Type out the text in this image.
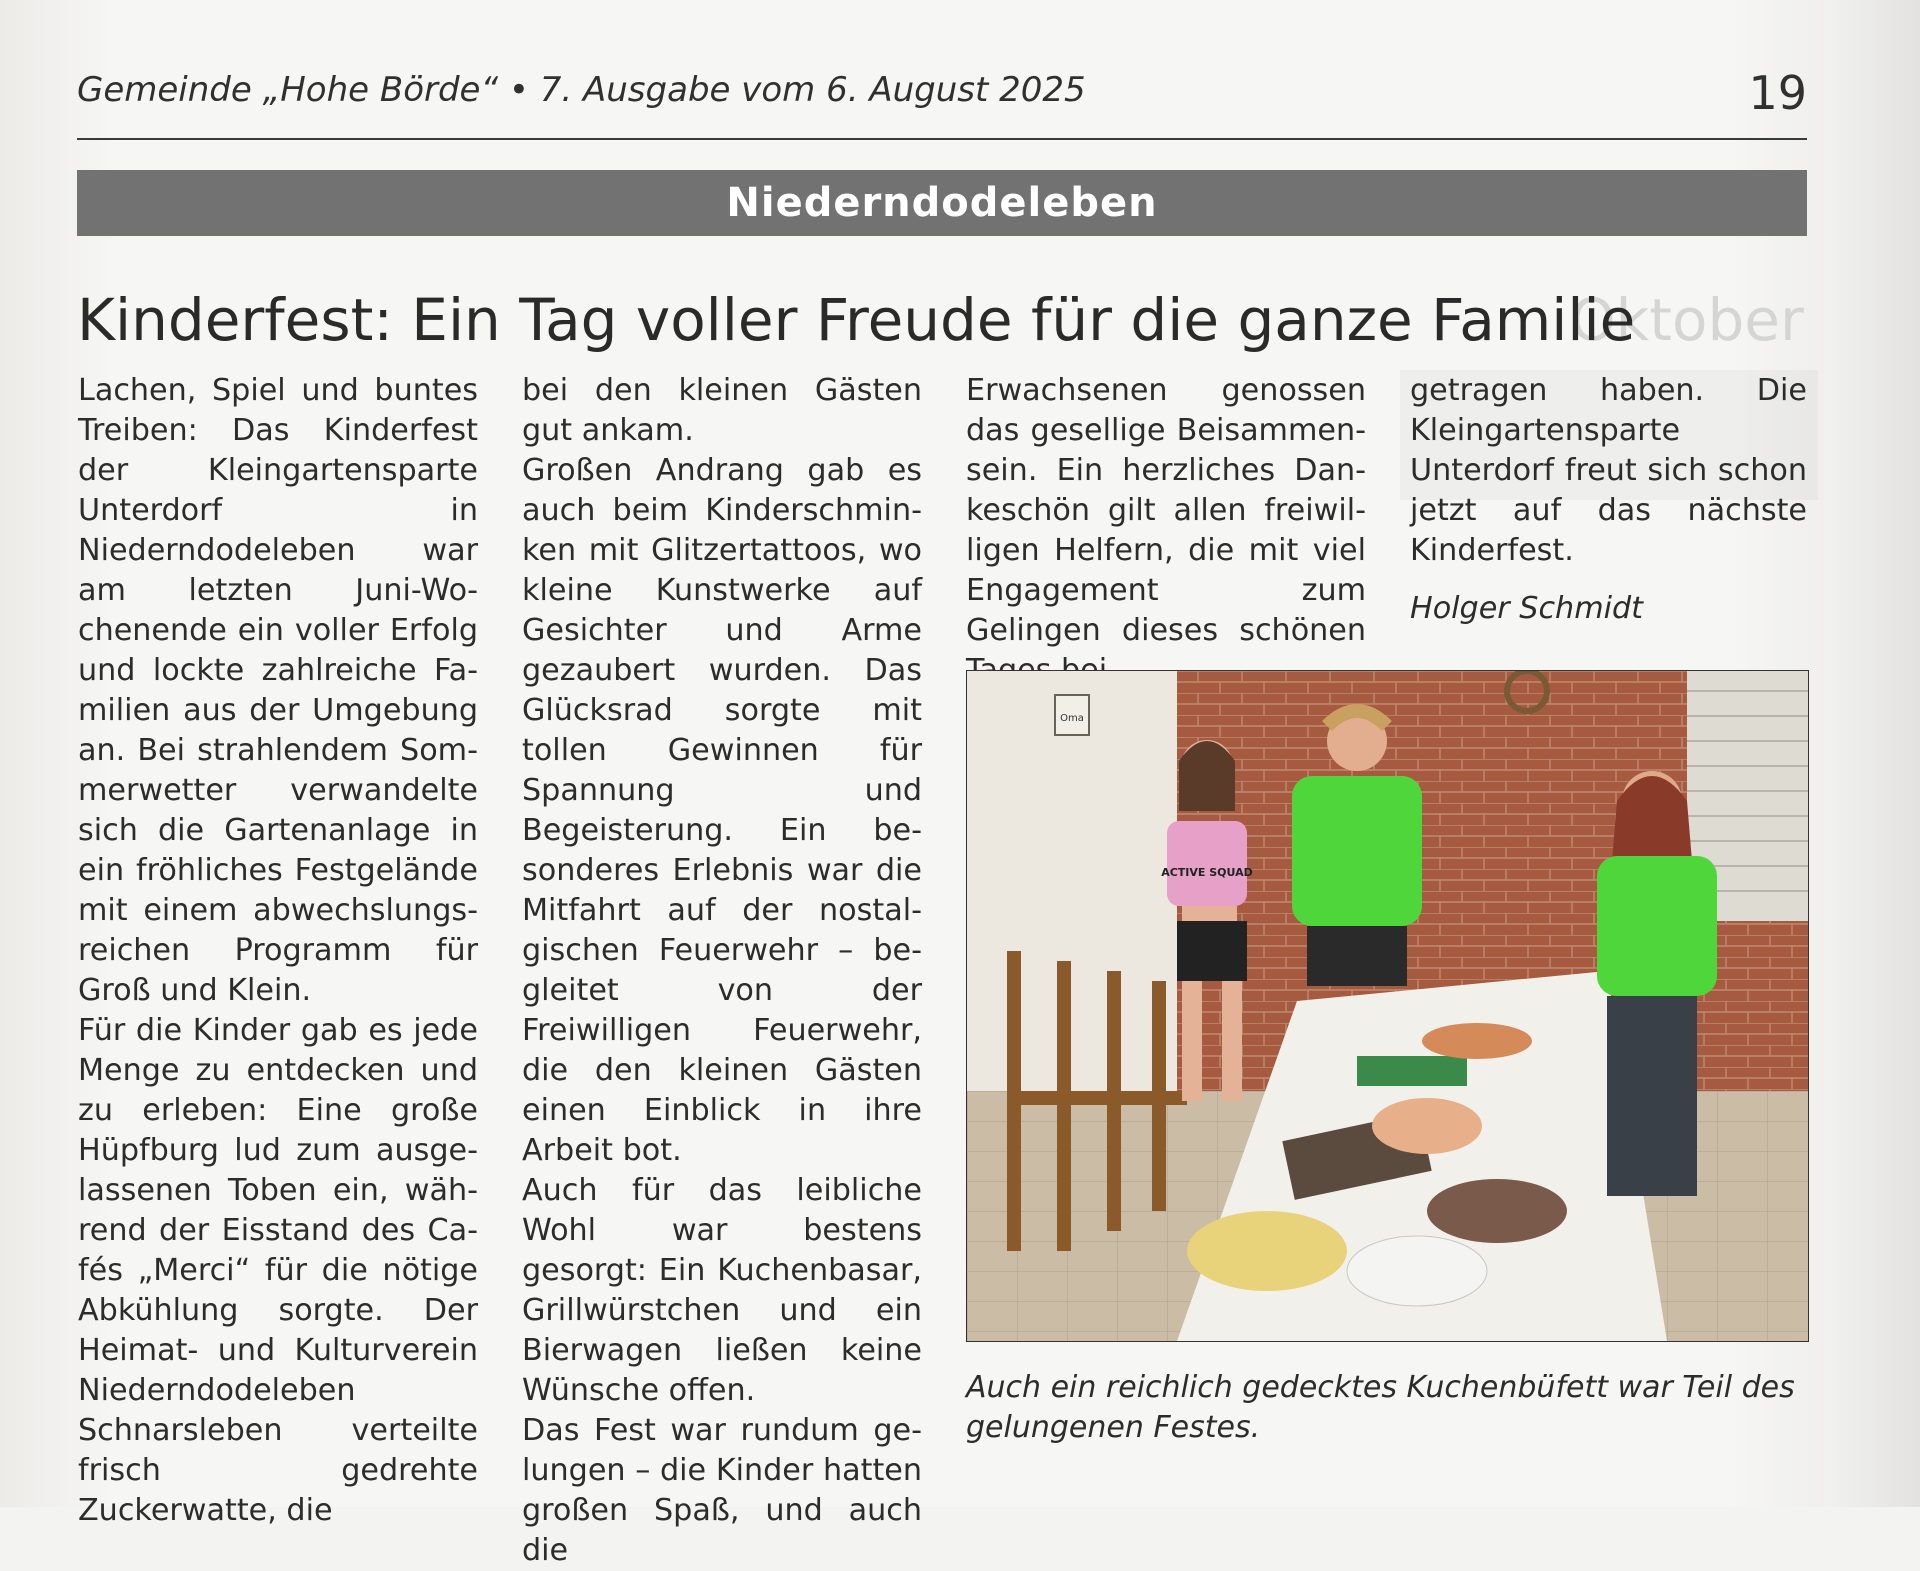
Oktober
Gemeinde „Hohe Börde“ • 7. Ausgabe vom 6. August 2025	19
Niederndodeleben
Kinderfest: Ein Tag voller Freude für die ganze Familie

Lachen, Spiel und buntes Treiben: Das Kinderfest der Kleingartensparte Unterdorf in Niederndodeleben war am letzten Juni-Wochenende ein voller Erfolg und lockte zahlreiche Familien aus der Umgebung an. Bei strahlendem Sommerwetter verwandelte sich die Gartenanlage in ein fröhliches Festgelände mit einem abwechslungsreichen Programm für Groß und Klein.

Für die Kinder gab es jede Menge zu entdecken und zu erleben: Eine große Hüpfburg lud zum ausgelassenen Toben ein, während der Eisstand des Cafés „Merci“ für die nötige Abkühlung sorgte. Der Heimat- und Kulturverein Niederndodeleben Schnarsleben verteilte frisch gedrehte Zuckerwatte, die

bei den kleinen Gästen gut ankam.

Großen Andrang gab es auch beim Kinderschminken mit Glitzertattoos, wo kleine Kunstwerke auf Gesichter und Arme gezaubert wurden. Das Glücksrad sorgte mit tollen Gewinnen für Spannung und Begeisterung. Ein besonderes Erlebnis war die Mitfahrt auf der nostalgischen Feuerwehr – begleitet von der Freiwilligen Feuerwehr, die den kleinen Gästen einen Einblick in ihre Arbeit bot.

Auch für das leibliche Wohl war bestens gesorgt: Ein Kuchenbasar, Grillwürstchen und ein Bierwagen ließen keine Wünsche offen.

Das Fest war rundum gelungen – die Kinder hatten großen Spaß, und auch die

Erwachsenen genossen das gesellige Beisammensein. Ein herzliches Dankeschön gilt allen freiwilligen Helfern, die mit viel Engagement zum Gelingen dieses schönen

getragen haben. Die Kleingartensparte Unterdorf freut sich schon jetzt auf das nächste Kinderfest.

Holger Schmidt

Oma
ACTIVE SQUAD
Auch ein reichlich gedecktes Kuchenbüfett war Teil des gelungenen Festes.
